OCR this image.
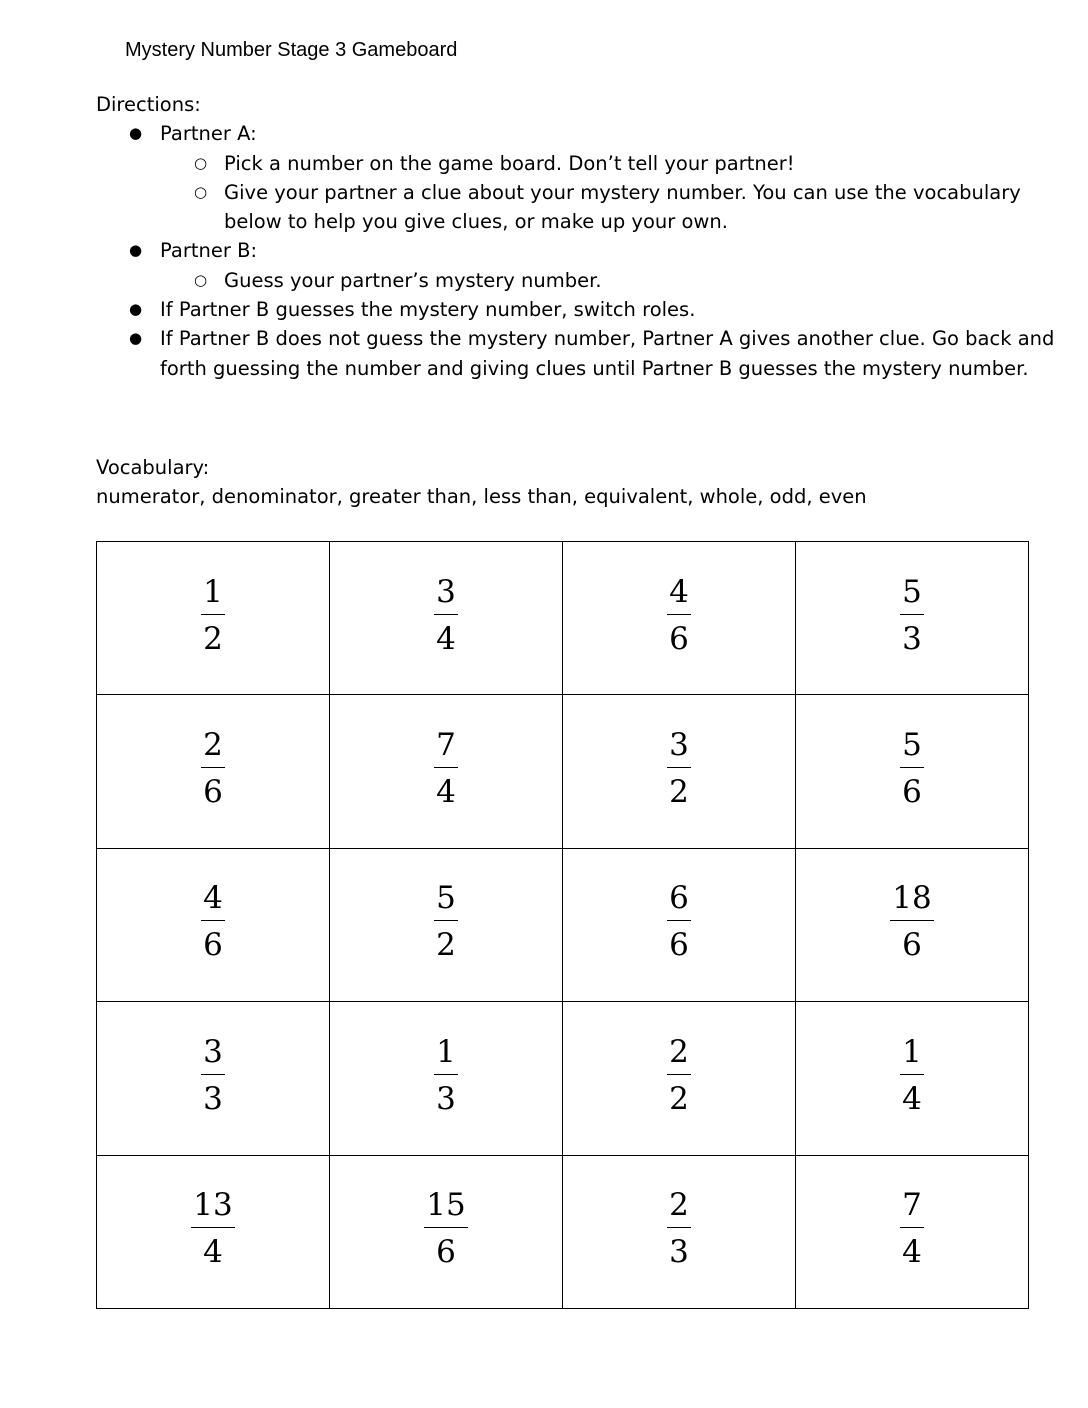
Mystery Number Stage 3 Gameboard
Directions:
● Partner A:
○ Pick a number on the game board. Don’t tell your partner!
○ Give your partner a clue about your mystery number. You can use the vocabulary below to help you give clues, or make up your own.
● Partner B:
○ Guess your partner’s mystery number.
● If Partner B guesses the mystery number, switch roles.
● If Partner B does not guess the mystery number, Partner A gives another clue. Go back and forth guessing the number and giving clues until Partner B guesses the mystery number.
Vocabulary:
numerator, denominator, greater than, less than, equivalent, whole, odd, even
$\frac{1}{2}$	$\frac{3}{4}$	$\frac{4}{6}$	$\frac{5}{3}$

$\frac{2}{6}$	$\frac{7}{4}$	$\frac{3}{2}$	$\frac{5}{6}$

$\frac{4}{6}$	$\frac{5}{2}$	$\frac{6}{6}$	$\frac{18}{6}$

$\frac{3}{3}$	$\frac{1}{3}$	$\frac{2}{2}$	$\frac{1}{4}$

$\frac{13}{4}$	$\frac{15}{6}$	$\frac{2}{3}$	$\frac{7}{4}$
